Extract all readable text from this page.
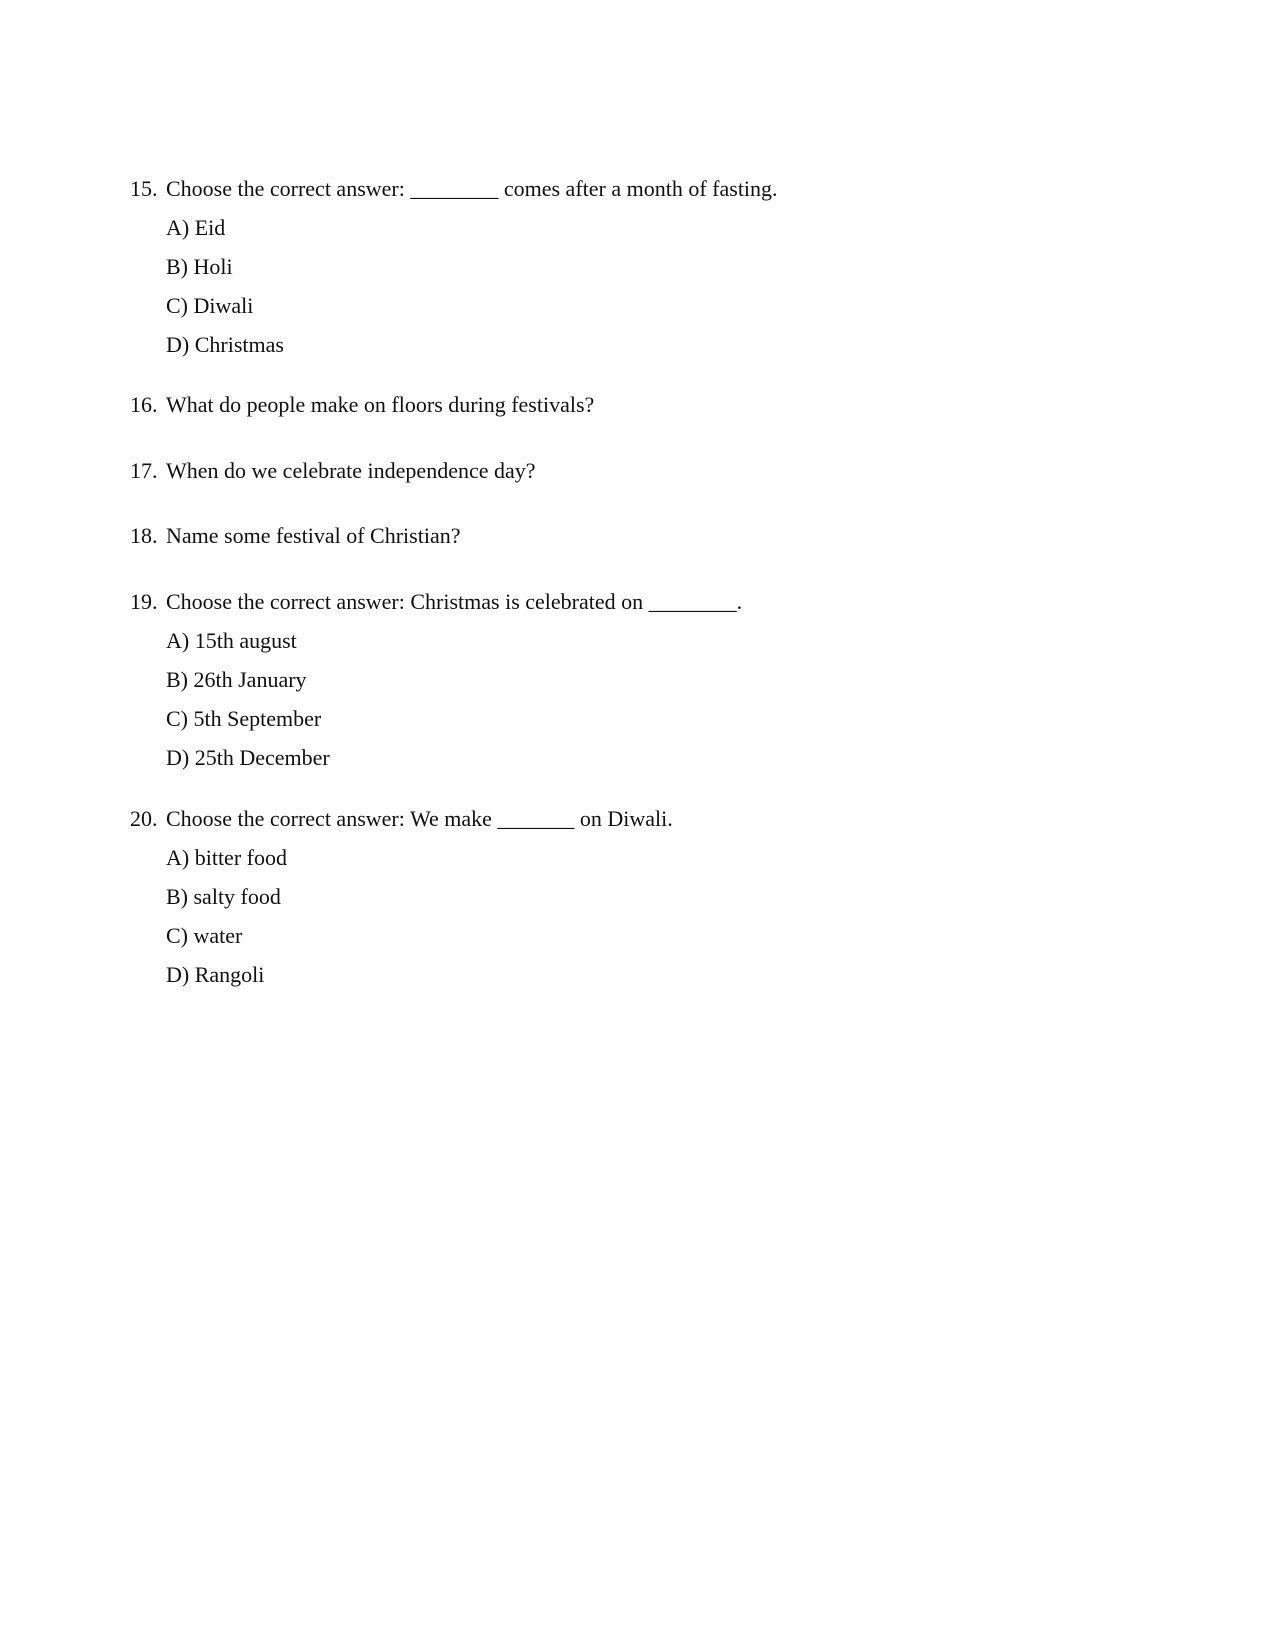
15. Choose the correct answer: ________ comes after a month of fasting.
A) Eid
B) Holi
C) Diwali
D) Christmas
16. What do people make on floors during festivals?
17. When do we celebrate independence day?
18. Name some festival of Christian?
19. Choose the correct answer: Christmas is celebrated on ________.
A) 15th august
B) 26th January
C) 5th September
D) 25th December
20. Choose the correct answer: We make _______ on Diwali.
A) bitter food
B) salty food
C) water
D) Rangoli
